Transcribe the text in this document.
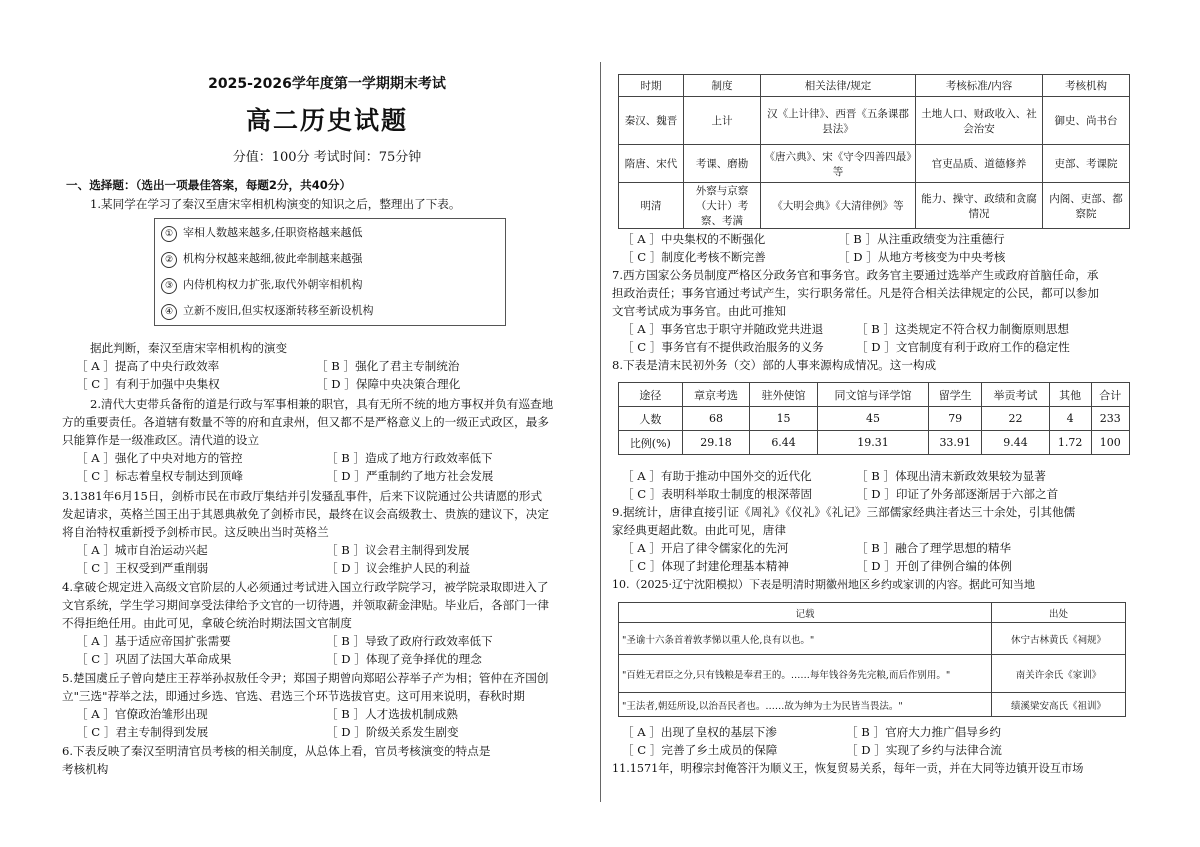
2025-2026学年度第一学期期末考试
高二历史试题
分值：100分 考试时间：75分钟
一、选择题：（选出一项最佳答案，每题2分，共40分）
1.某同学在学习了秦汉至唐宋宰相机构演变的知识之后，整理出了下表。
① 宰相人数越来越多,任职资格越来越低
② 机构分权越来越细,彼此牵制越来越强
③ 内侍机构权力扩张,取代外朝宰相机构
④ 立新不废旧,但实权逐渐转移至新设机构
据此判断，秦汉至唐宋宰相机构的演变
［ A ］提高了中央行政效率	［ B ］强化了君主专制统治
［ C ］有利于加强中央集权	［ D ］保障中央决策合理化
2.清代大吏带兵备衔的道是行政与军事相兼的职官，具有无所不统的地方事权并负有巡查地
方的重要责任。各道辖有数量不等的府和直隶州，但又都不是严格意义上的一级正式政区，最多
只能算作是一级准政区。清代道的设立
［ A ］强化了中央对地方的管控	［ B ］造成了地方行政效率低下
［ C ］标志着皇权专制达到顶峰	［ D ］严重制约了地方社会发展
3.1381年6月15日，剑桥市民在市政厅集结并引发骚乱事件，后来下议院通过公共请愿的形式
发起请求，英格兰国王出于其恩典赦免了剑桥市民，最终在议会高级教士、贵族的建议下，决定
将自治特权重新授予剑桥市民。这反映出当时英格兰
［ A ］城市自治运动兴起	［ B ］议会君主制得到发展
［ C ］王权受到严重削弱	［ D ］议会维护人民的利益
4.拿破仑规定进入高级文官阶层的人必须通过考试进入国立行政学院学习，被学院录取即进入了
文官系统，学生学习期间享受法律给予文官的一切待遇，并领取薪金津贴。毕业后，各部门一律
不得拒绝任用。由此可见，拿破仑统治时期法国文官制度
［ A ］基于适应帝国扩张需要	［ B ］导致了政府行政效率低下
［ C ］巩固了法国大革命成果	［ D ］体现了竞争择优的理念
5.楚国虞丘子曾向楚庄王荐举孙叔敖任令尹；郑国子期曾向郑昭公荐举子产为相；管仲在齐国创
立"三选"荐举之法，即通过乡选、官选、君选三个环节选拔官吏。这可用来说明，春秋时期
［ A ］官僚政治雏形出现	［ B ］人才选拔机制成熟
［ C ］君主专制得到发展	［ D ］阶级关系发生剧变
6.下表反映了秦汉至明清官员考核的相关制度，从总体上看，官员考核演变的特点是
考核机构
时期	制度	相关法律/规定	考核标准/内容	考核机构
秦汉、魏晋	上计	汉《上计律》、西晋《五条课郡县法》	土地人口、财政收入、社会治安	御史、尚书台
隋唐、宋代	考课、磨勘	《唐六典》、宋《守令四善四最》等	官吏品质、道德修养	吏部、考课院
明清	外察与京察（大计）考察、考满	《大明会典》《大清律例》等	能力、操守、政绩和贪腐情况	内阁、吏部、都察院
［ A ］中央集权的不断强化	［ B ］从注重政绩变为注重德行
［ C ］制度化考核不断完善	［ D ］从地方考核变为中央考核
7.西方国家公务员制度严格区分政务官和事务官。政务官主要通过选举产生或政府首脑任命，承
担政治责任；事务官通过考试产生，实行职务常任。凡是符合相关法律规定的公民，都可以参加
文官考试成为事务官。由此可推知
［ A ］事务官忠于职守并随政党共进退	［ B ］这类规定不符合权力制衡原则思想
［ C ］事务官有不提供政治服务的义务	［ D ］文官制度有利于政府工作的稳定性
8.下表是清末民初外务（交）部的人事来源构成情况。这一构成
途径	章京考选	驻外使馆	同文馆与译学馆	留学生	举贡考试	其他	合计
人数	68	15	45	79	22	4	233
比例(%)	29.18	6.44	19.31	33.91	9.44	1.72	100
［ A ］有助于推动中国外交的近代化	［ B ］体现出清末新政效果较为显著
［ C ］表明科举取士制度的根深蒂固	［ D ］印证了外务部逐渐居于六部之首
9.据统计，唐律直接引证《周礼》《仪礼》《礼记》三部儒家经典注者达三十余处，引其他儒
家经典更超此数。由此可见，唐律
［ A ］开启了律令儒家化的先河	［ B ］融合了理学思想的精华
［ C ］体现了封建伦理基本精神	［ D ］开创了律例合编的体例
10.（2025·辽宁沈阳模拟）下表是明清时期徽州地区乡约或家训的内容。据此可知当地
记载	出处
"圣谕十六条首着敦孝悌以重人伦,良有以也。"	休宁古林黄氏《祠规》
"百姓无君臣之分,只有钱粮是奉君王的。……每年钱谷务先完粮,而后作别用。"	南关许余氏《家训》
"王法者,朝廷所设,以治吾民者也。……故为绅为士为民皆当畏法。"	绩溪梁安高氏《祖训》
［ A ］出现了皇权的基层下渗	［ B ］官府大力推广倡导乡约
［ C ］完善了乡土成员的保障	［ D ］实现了乡约与法律合流
11.1571年，明穆宗封俺答汗为顺义王，恢复贸易关系，每年一贡，并在大同等边镇开设互市场
